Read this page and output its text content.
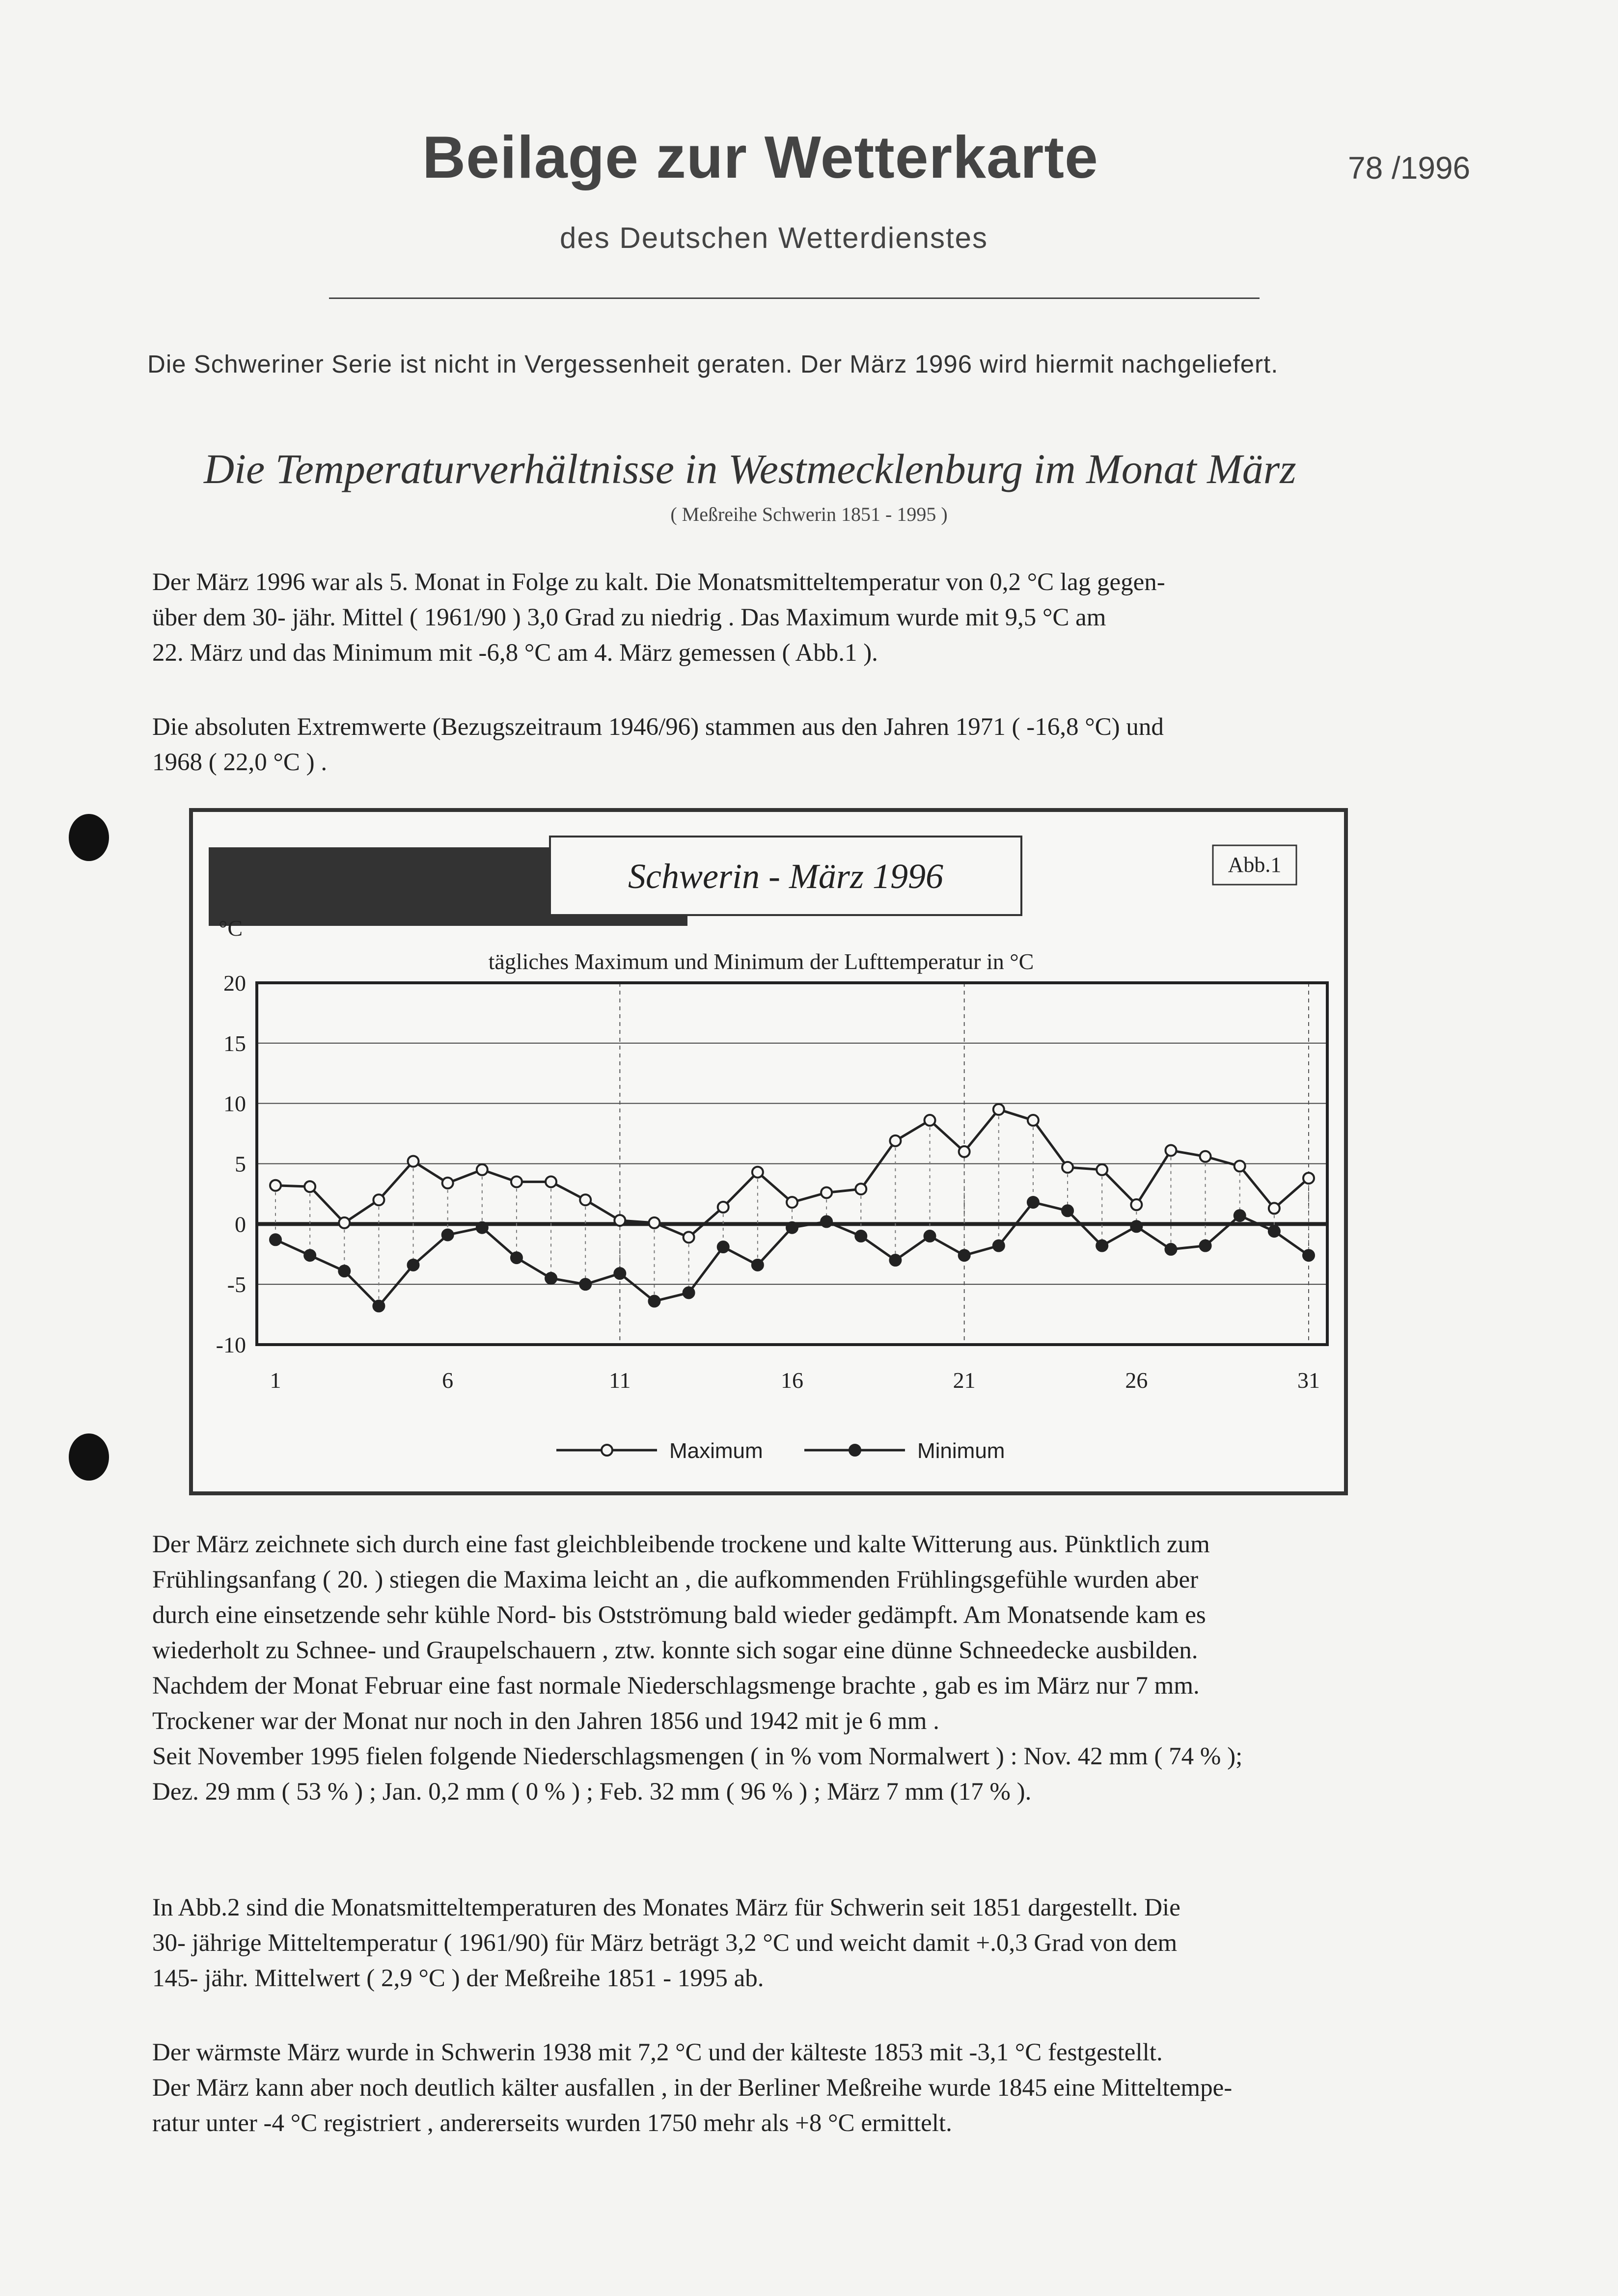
Beilage zur Wetterkarte	78 /1996
des Deutschen Wetterdienstes
Die Schweriner Serie ist nicht in Vergessenheit geraten. Der März 1996 wird hiermit nachgeliefert.
Die Temperaturverhältnisse in Westmecklenburg im Monat März
( Meßreihe Schwerin 1851 - 1995 )

Der März 1996 war als 5. Monat in Folge zu kalt. Die Monatsmitteltemperatur von 0,2 °C lag gegen-

über dem 30- jähr. Mittel ( 1961/90 ) 3,0 Grad zu niedrig . Das Maximum wurde mit 9,5 °C am

22. März und das Minimum mit -6,8 °C am 4. März gemessen ( Abb.1 ).

Die absoluten Extremwerte (Bezugszeitraum 1946/96) stammen aus den Jahren 1971 ( -16,8 °C) und

1968 ( 22,0 °C ) .

Schwerin - März 1996	Abb.1
°C
tägliches Maximum und Minimum der Lufttemperatur in °C
20
15
10
5
0
-5
-10
1	6	11	16	21	26	31
Maximum	Minimum

Der März zeichnete sich durch eine fast gleichbleibende trockene und kalte Witterung aus. Pünktlich zum

Frühlingsanfang ( 20. ) stiegen die Maxima leicht an , die aufkommenden Frühlingsgefühle wurden aber

durch eine einsetzende sehr kühle Nord- bis Ostströmung bald wieder gedämpft. Am Monatsende kam es

wiederholt zu Schnee- und Graupelschauern , ztw. konnte sich sogar eine dünne Schneedecke ausbilden.

Nachdem der Monat Februar eine fast normale Niederschlagsmenge brachte , gab es im März nur 7 mm.

Trockener war der Monat nur noch in den Jahren 1856 und 1942 mit je 6 mm .

Seit November 1995 fielen folgende Niederschlagsmengen ( in % vom Normalwert ) : Nov. 42 mm ( 74 % );

Dez. 29 mm ( 53 % ) ; Jan. 0,2 mm ( 0 % ) ; Feb. 32 mm ( 96 % ) ; März 7 mm (17 % ).

In Abb.2 sind die Monatsmitteltemperaturen des Monates März für Schwerin seit 1851 dargestellt. Die

30- jährige Mitteltemperatur ( 1961/90) für März beträgt 3,2 °C und weicht damit +.0,3 Grad von dem

145- jähr. Mittelwert ( 2,9 °C ) der Meßreihe 1851 - 1995 ab.

Der wärmste März wurde in Schwerin 1938 mit 7,2 °C und der kälteste 1853 mit -3,1 °C festgestellt.

Der März kann aber noch deutlich kälter ausfallen , in der Berliner Meßreihe wurde 1845 eine Mitteltempe-

ratur unter -4 °C registriert , andererseits wurden 1750 mehr als +8 °C ermittelt.
